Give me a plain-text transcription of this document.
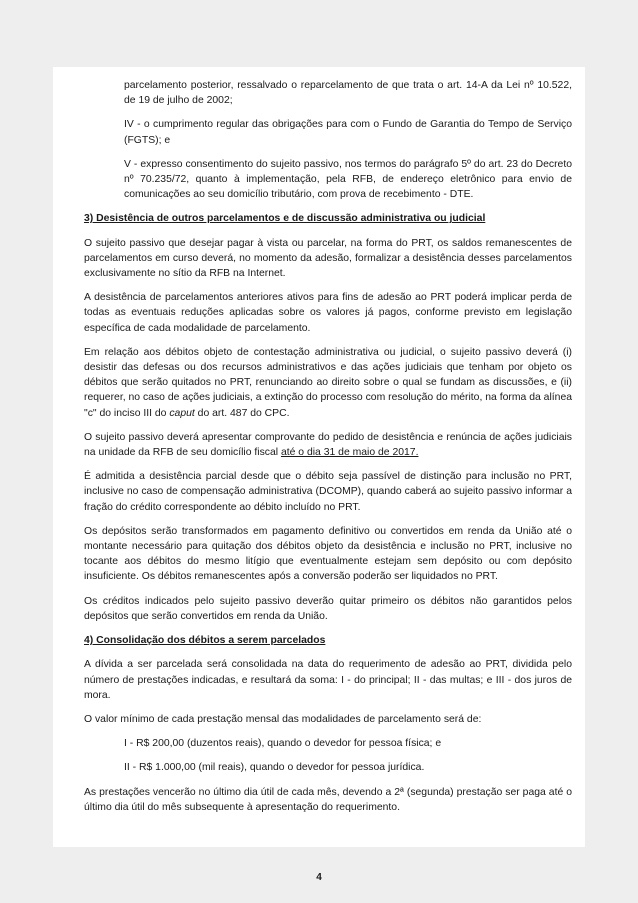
parcelamento posterior, ressalvado o reparcelamento de que trata o art. 14-A da Lei nº 10.522, de 19 de julho de 2002;

IV - o cumprimento regular das obrigações para com o Fundo de Garantia do Tempo de Serviço (FGTS); e

V - expresso consentimento do sujeito passivo, nos termos do parágrafo 5º do art. 23 do Decreto nº 70.235/72, quanto à implementação, pela RFB, de endereço eletrônico para envio de comunicações ao seu domicílio tributário, com prova de recebimento - DTE.

3) Desistência de outros parcelamentos e de discussão administrativa ou judicial

O sujeito passivo que desejar pagar à vista ou parcelar, na forma do PRT, os saldos remanescentes de parcelamentos em curso deverá, no momento da adesão, formalizar a desistência desses parcelamentos exclusivamente no sítio da RFB na Internet.

A desistência de parcelamentos anteriores ativos para fins de adesão ao PRT poderá implicar perda de todas as eventuais reduções aplicadas sobre os valores já pagos, conforme previsto em legislação específica de cada modalidade de parcelamento.

Em relação aos débitos objeto de contestação administrativa ou judicial, o sujeito passivo deverá (i) desistir das defesas ou dos recursos administrativos e das ações judiciais que tenham por objeto os débitos que serão quitados no PRT, renunciando ao direito sobre o qual se fundam as discussões, e (ii) requerer, no caso de ações judiciais, a extinção do processo com resolução do mérito, na forma da alínea "c" do inciso III do caput do art. 487 do CPC.

O sujeito passivo deverá apresentar comprovante do pedido de desistência e renúncia de ações judiciais na unidade da RFB de seu domicílio fiscal até o dia 31 de maio de 2017.

É admitida a desistência parcial desde que o débito seja passível de distinção para inclusão no PRT, inclusive no caso de compensação administrativa (DCOMP), quando caberá ao sujeito passivo informar a fração do crédito correspondente ao débito incluído no PRT.

Os depósitos serão transformados em pagamento definitivo ou convertidos em renda da União até o montante necessário para quitação dos débitos objeto da desistência e inclusão no PRT, inclusive no tocante aos débitos do mesmo litígio que eventualmente estejam sem depósito ou com depósito insuficiente. Os débitos remanescentes após a conversão poderão ser liquidados no PRT.

Os créditos indicados pelo sujeito passivo deverão quitar primeiro os débitos não garantidos pelos depósitos que serão convertidos em renda da União.

4) Consolidação dos débitos a serem parcelados

A dívida a ser parcelada será consolidada na data do requerimento de adesão ao PRT, dividida pelo número de prestações indicadas, e resultará da soma: I - do principal; II - das multas; e III - dos juros de mora.

O valor mínimo de cada prestação mensal das modalidades de parcelamento será de:

I - R$ 200,00 (duzentos reais), quando o devedor for pessoa física; e

II - R$ 1.000,00 (mil reais), quando o devedor for pessoa jurídica.

As prestações vencerão no último dia útil de cada mês, devendo a 2ª (segunda) prestação ser paga até o último dia útil do mês subsequente à apresentação do requerimento.

4
